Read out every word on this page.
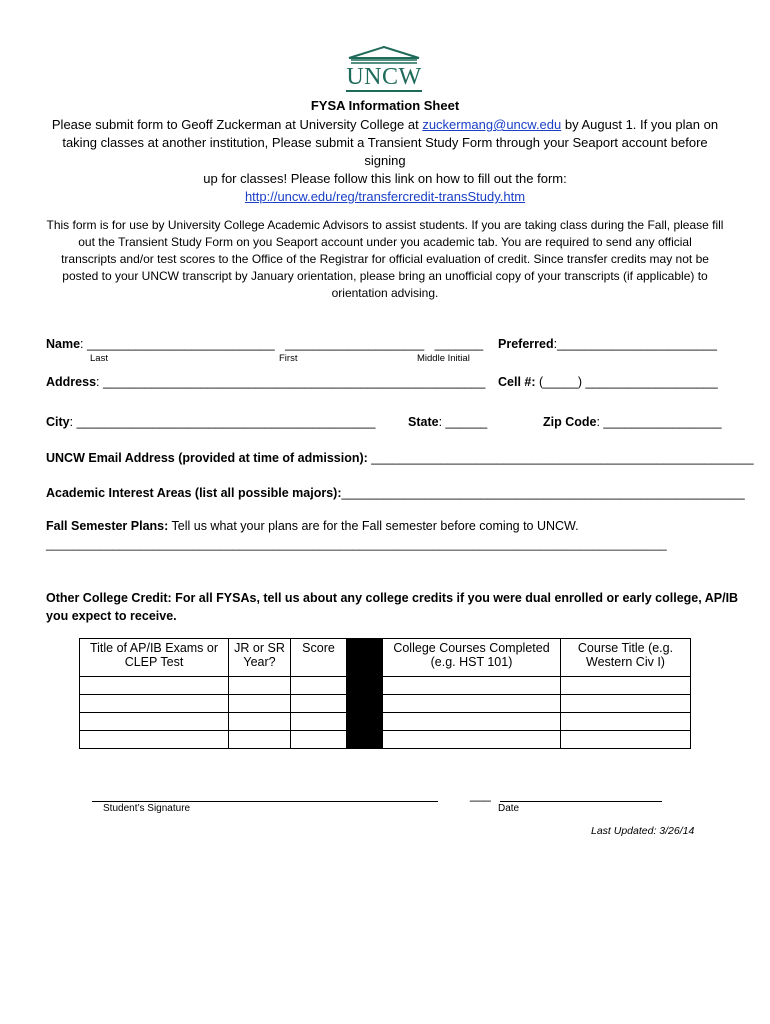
UNCW
FYSA Information Sheet
Please submit form to Geoff Zuckerman at University College at zuckermang@uncw.edu by August 1. If you plan on
taking classes at another institution, Please submit a Transient Study Form through your Seaport account before signing
up for classes! Please follow this link on how to fill out the form:
http://uncw.edu/reg/transfercredit-transStudy.htm
This form is for use by University College Academic Advisors to assist students. If you are taking class during the Fall, please fill
out the Transient Study Form on you Seaport account under you academic tab. You are required to send any official
transcripts and/or test scores to the Office of the Registrar for official evaluation of credit. Since transfer credits may not be
posted to your UNCW transcript by January orientation, please bring an unofficial copy of your transcripts (if applicable) to
orientation advising.
Name: ___________________________   ____________________   _______
Last	First	Middle Initial
Preferred:_______________________
Address: _______________________________________________________ Cell #: (_____) ___________________
City: ___________________________________________	State: ______	Zip Code: _________________
UNCW Email Address (provided at time of admission): _______________________________________________________
Academic Interest Areas (list all possible majors):__________________________________________________________
Fall Semester Plans: Tell us what your plans are for the Fall semester before coming to UNCW.
_____________________________________________________________________________________________
Other College Credit: For all FYSAs, tell us about any college credits if you were dual enrolled or early college, AP/IB
you expect to receive.
Title of AP/IB Exams or CLEP Test	JR or SR Year?	Score		College Courses Completed (e.g. HST 101)	Course Title (e.g. Western Civ I)

Student’s Signature
___
Date
Last Updated: 3/26/14
